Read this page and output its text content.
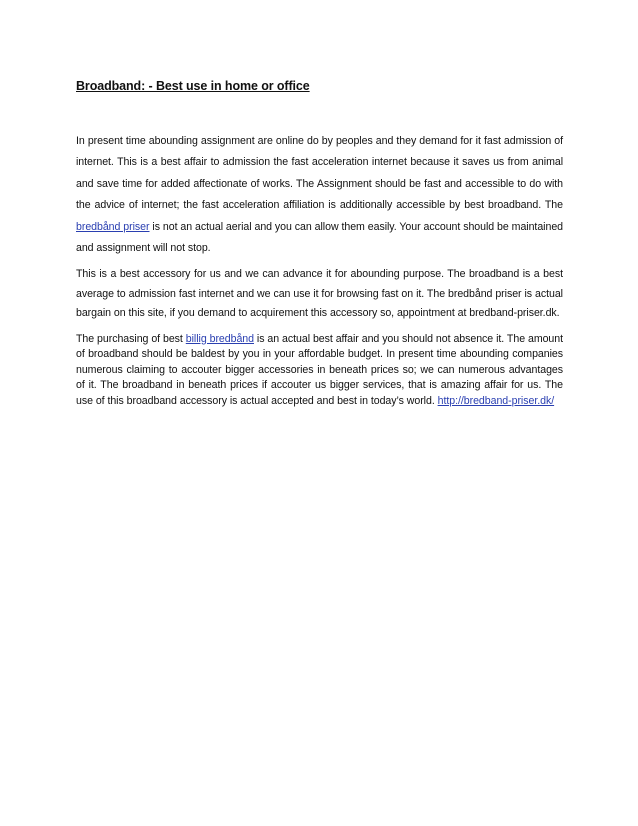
Broadband: - Best use in home or office

In present time abounding assignment are online do by peoples and they demand for it fast admission of internet. This is a best affair to admission the fast acceleration internet because it saves us from animal and save time for added affectionate of works. The Assignment should be fast and accessible to do with the advice of internet; the fast acceleration affiliation is additionally accessible by best broadband. The bredbånd priser is not an actual aerial and you can allow them easily. Your account should be maintained and assignment will not stop.

This is a best accessory for us and we can advance it for abounding purpose. The broadband is a best average to admission fast internet and we can use it for browsing fast on it. The bredbånd priser is actual bargain on this site, if you demand to acquirement this accessory so, appointment at bredband-priser.dk.

The purchasing of best billig bredbånd is an actual best affair and you should not absence it. The amount of broadband should be baldest by you in your affordable budget. In present time abounding companies numerous claiming to accouter bigger accessories in beneath prices so; we can numerous advantages of it. The broadband in beneath prices if accouter us bigger services, that is amazing affair for us. The use of this broadband accessory is actual accepted and best in today’s world. http://bredband-priser.dk/
